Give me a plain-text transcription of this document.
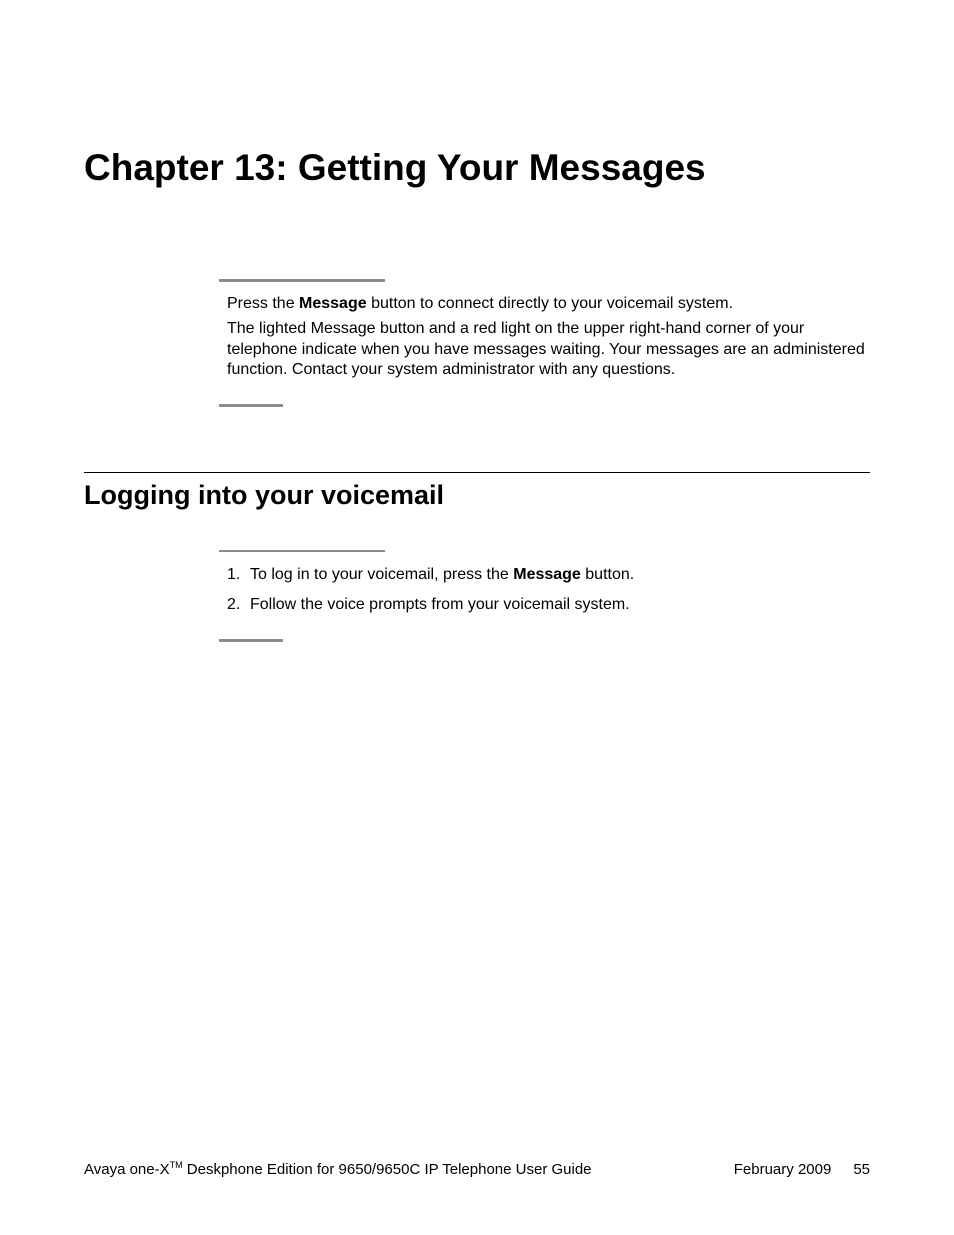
Chapter 13: Getting Your Messages

Press the Message button to connect directly to your voicemail system.

The lighted Message button and a red light on the upper right-hand corner of your telephone indicate when you have messages waiting. Your messages are an administered function. Contact your system administrator with any questions.

Logging into your voicemail
1. To log in to your voicemail, press the Message button.
2. Follow the voice prompts from your voicemail system.
Avaya one-X™ Deskphone Edition for 9650/9650C IP Telephone User Guide	February 2009 55
